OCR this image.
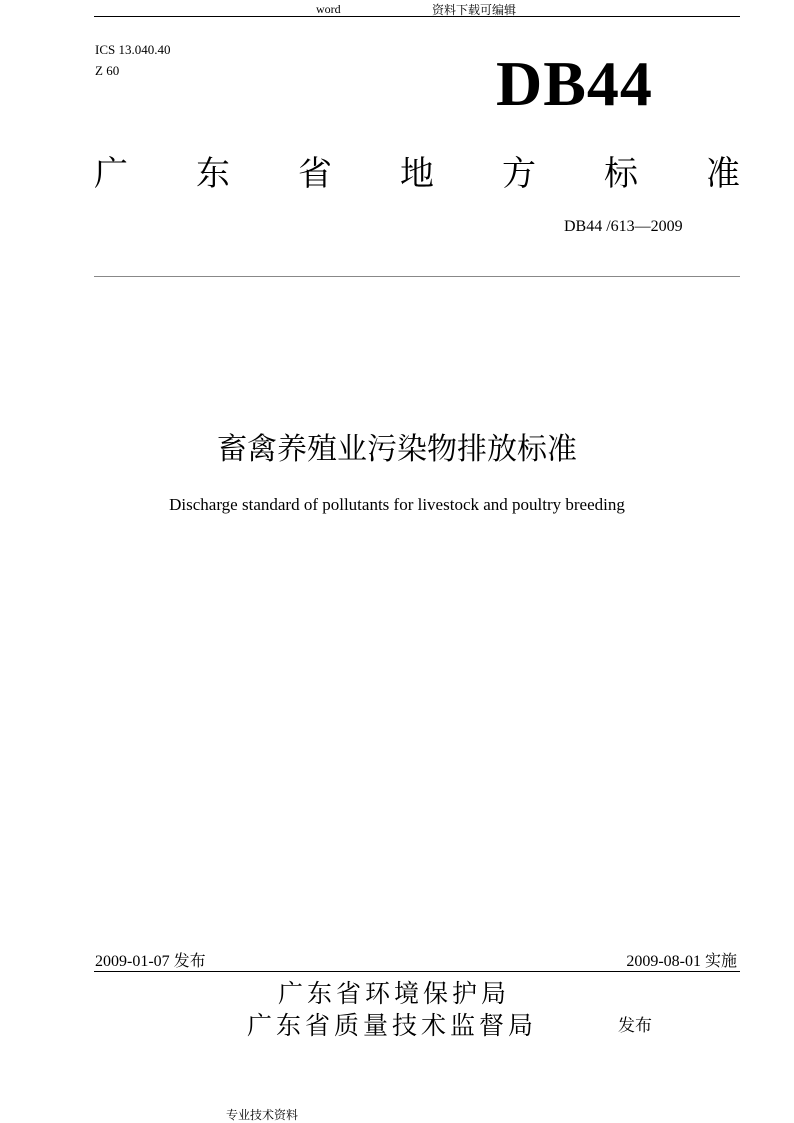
word	资料下载可编辑
ICS 13.040.40
Z 60	DB44
广 东 省 地 方 标 准
DB44 /613—2009
畜禽养殖业污染物排放标准
Discharge standard of pollutants for livestock and poultry breeding
2009-01-07 发布	2009-08-01 实施
广东省环境保护局
广东省质量技术监督局	发布
专业技术资料
